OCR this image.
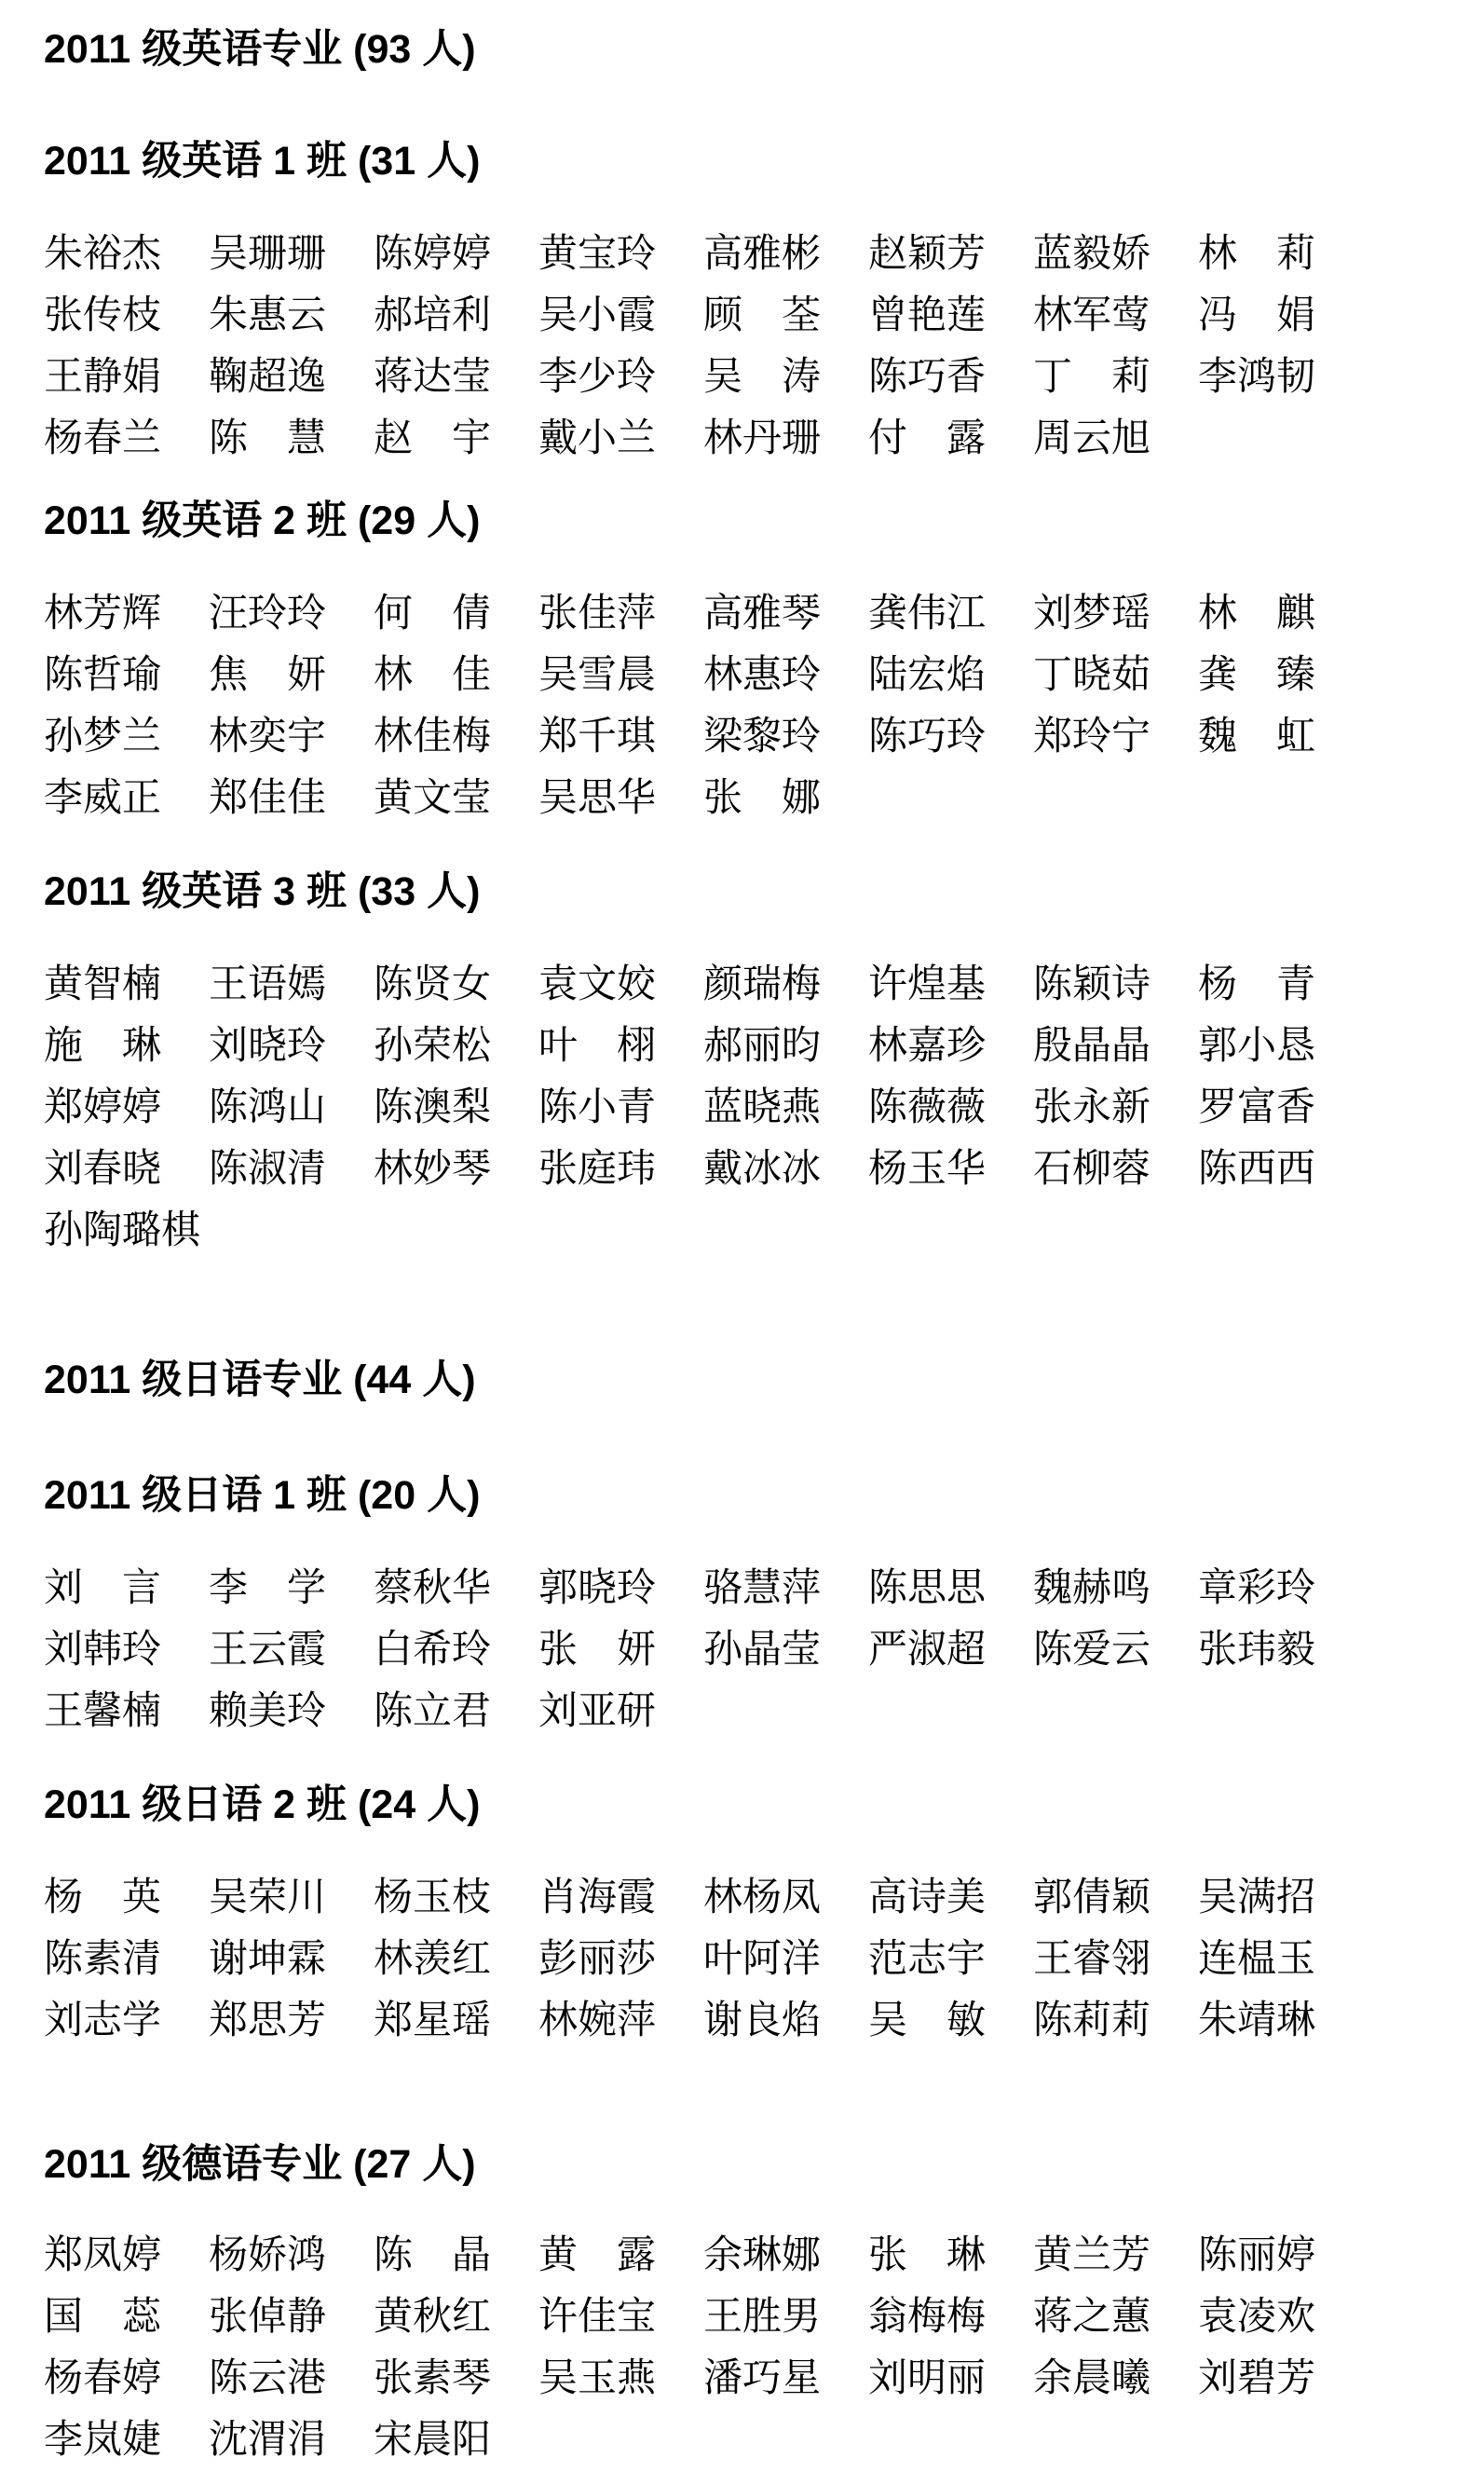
2011 级英语专业 (93 人)
2011 级英语 1 班 (31 人)
朱裕杰	吴珊珊	陈婷婷	黄宝玲	高雅彬	赵颖芳	蓝毅娇	林　莉
张传枝	朱惠云	郝培利	吴小霞	顾　荃	曾艳莲	林军莺	冯　娟
王静娟	鞠超逸	蒋达莹	李少玲	吴　涛	陈巧香	丁　莉	李鸿韧
杨春兰	陈　慧	赵　宇	戴小兰	林丹珊	付　露	周云旭
2011 级英语 2 班 (29 人)
林芳辉	汪玲玲	何　倩	张佳萍	高雅琴	龚伟江	刘梦瑶	林　麒
陈哲瑜	焦　妍	林　佳	吴雪晨	林惠玲	陆宏焰	丁晓茹	龚　臻
孙梦兰	林奕宇	林佳梅	郑千琪	梁黎玲	陈巧玲	郑玲宁	魏　虹
李威正	郑佳佳	黄文莹	吴思华	张　娜
2011 级英语 3 班 (33 人)
黄智楠	王语嫣	陈贤女	袁文姣	颜瑞梅	许煌基	陈颖诗	杨　青
施　琳	刘晓玲	孙荣松	叶　栩	郝丽昀	林嘉珍	殷晶晶	郭小恳
郑婷婷	陈鸿山	陈澳梨	陈小青	蓝晓燕	陈薇薇	张永新	罗富香
刘春晓	陈淑清	林妙琴	张庭玮	戴冰冰	杨玉华	石柳蓉	陈西西
孙陶璐棋
2011 级日语专业 (44 人)
2011 级日语 1 班 (20 人)
刘　言	李　学	蔡秋华	郭晓玲	骆慧萍	陈思思	魏赫鸣	章彩玲
刘韩玲	王云霞	白希玲	张　妍	孙晶莹	严淑超	陈爱云	张玮毅
王馨楠	赖美玲	陈立君	刘亚研
2011 级日语 2 班 (24 人)
杨　英	吴荣川	杨玉枝	肖海霞	林杨凤	高诗美	郭倩颖	吴满招
陈素清	谢坤霖	林羡红	彭丽莎	叶阿洋	范志宇	王睿翎	连榅玉
刘志学	郑思芳	郑星瑶	林婉萍	谢良焰	吴　敏	陈莉莉	朱靖琳
2011 级德语专业 (27 人)
郑凤婷	杨娇鸿	陈　晶	黄　露	余琳娜	张　琳	黄兰芳	陈丽婷
国　蕊	张倬静	黄秋红	许佳宝	王胜男	翁梅梅	蒋之蕙	袁凌欢
杨春婷	陈云港	张素琴	吴玉燕	潘巧星	刘明丽	余晨曦	刘碧芳
李岚婕	沈渭涓	宋晨阳
